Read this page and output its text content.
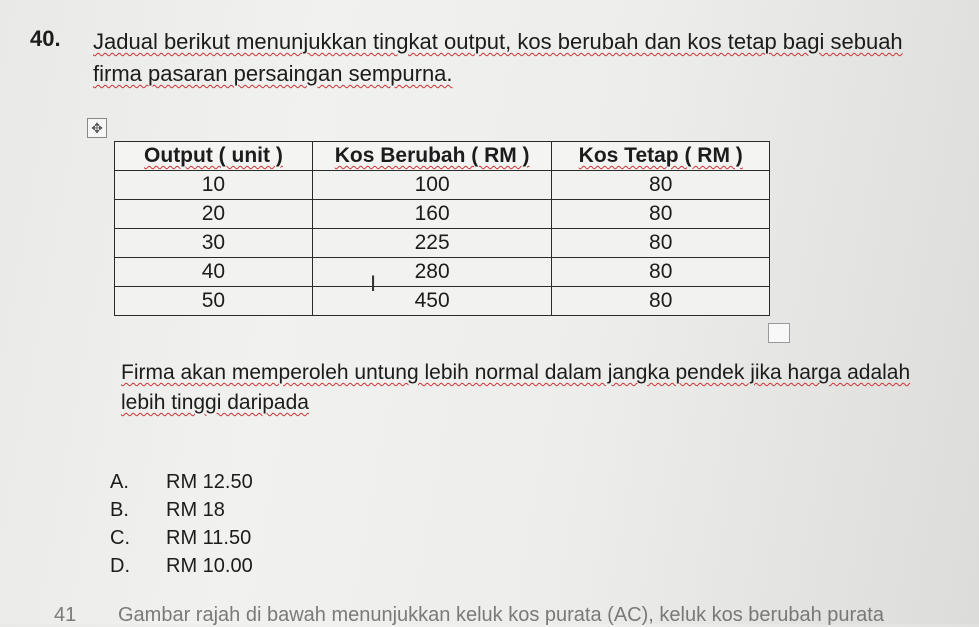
40. Jadual berikut menunjukkan tingkat output, kos berubah dan kos tetap bagi sebuah
firma pasaran persaingan sempurna.
✥
Output ( unit )	Kos Berubah ( RM )	Kos Tetap ( RM )
10	100	80
20	160	80
30	225	80
40	280	80
50	450	80
I
Firma akan memperoleh untung lebih normal dalam jangka pendek jika harga adalah
lebih tinggi daripada
A.	RM 12.50
B.	RM 18
C.	RM 11.50
D.	RM 10.00
41 Gambar rajah di bawah menunjukkan keluk kos purata (AC), keluk kos berubah purata
